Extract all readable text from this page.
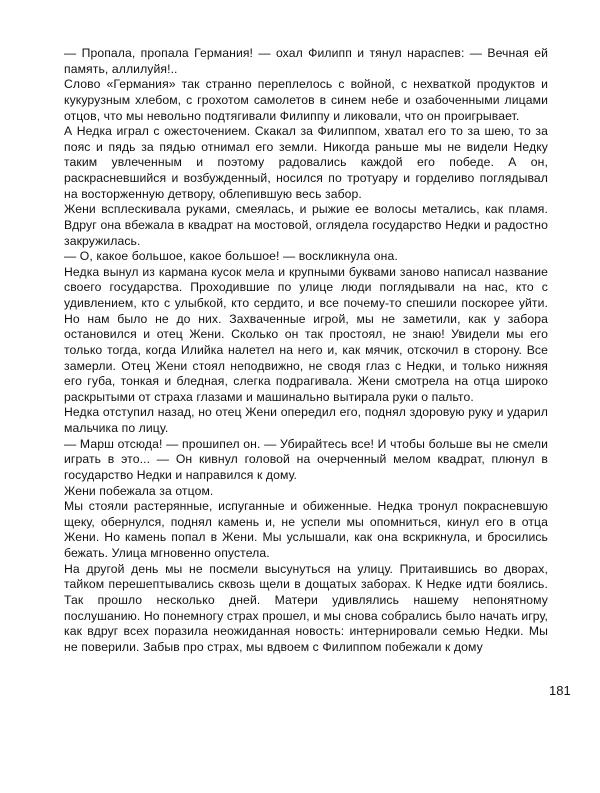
— Пропала, пропала Германия! — охал Филипп и тянул нараспев: — Вечная ей память, аллилуйя!..

Слово «Германия» так странно переплелось с войной, с нехваткой продуктов и кукурузным хлебом, с грохотом самолетов в синем небе и озабоченными лицами отцов, что мы невольно подтягивали Филиппу и ликовали, что он проигрывает.

А Недка играл с ожесточением. Скакал за Филиппом, хватал его то за шею, то за пояс и пядь за пядью отнимал его земли. Никогда раньше мы не видели Недку таким увлеченным и поэтому радовались каждой его победе. А он, раскрасневшийся и возбужденный, носился по тротуару и горделиво поглядывал на восторженную детвору, облепившую весь забор.

Жени всплескивала руками, смеялась, и рыжие ее волосы метались, как пламя. Вдруг она вбежала в квадрат на мостовой, оглядела государство Недки и радостно закружилась.

— О, какое большое, какое большое! — воскликнула она.

Недка вынул из кармана кусок мела и крупными буквами заново написал название своего государства. Проходившие по улице люди поглядывали на нас, кто с удивлением, кто с улыбкой, кто сердито, и все почему-то спешили поскорее уйти. Но нам было не до них. Захваченные игрой, мы не заметили, как у забора остановился и отец Жени. Сколько он так простоял, не знаю! Увидели мы его только тогда, когда Илийка налетел на него и, как мячик, отскочил в сторону. Все замерли. Отец Жени стоял неподвижно, не сводя глаз с Недки, и только нижняя его губа, тонкая и бледная, слегка подрагивала. Жени смотрела на отца широко раскрытыми от страха глазами и машинально вытирала руки о пальто.

Недка отступил назад, но отец Жени опередил его, поднял здоровую руку и ударил мальчика по лицу.

— Марш отсюда! — прошипел он. — Убирайтесь все! И чтобы больше вы не смели играть в это... — Он кивнул головой на очерченный мелом квадрат, плюнул в государство Недки и направился к дому.

Жени побежала за отцом.

Мы стояли растерянные, испуганные и обиженные. Недка тронул покрасневшую щеку, обернулся, поднял камень и, не успели мы опомниться, кинул его в отца Жени. Но камень попал в Жени. Мы услышали, как она вскрикнула, и бросились бежать. Улица мгновенно опустела.

На другой день мы не посмели высунуться на улицу. Притаившись во дворах, тайком перешептывались сквозь щели в дощатых заборах. К Недке идти боялись. Так прошло несколько дней. Матери удивлялись нашему непонятному послушанию. Но понемногу страх прошел, и мы снова собрались было начать игру, как вдруг всех поразила неожиданная новость: интернировали семью Недки. Мы не поверили. Забыв про страх, мы вдвоем с Филиппом побежали к дому

181
